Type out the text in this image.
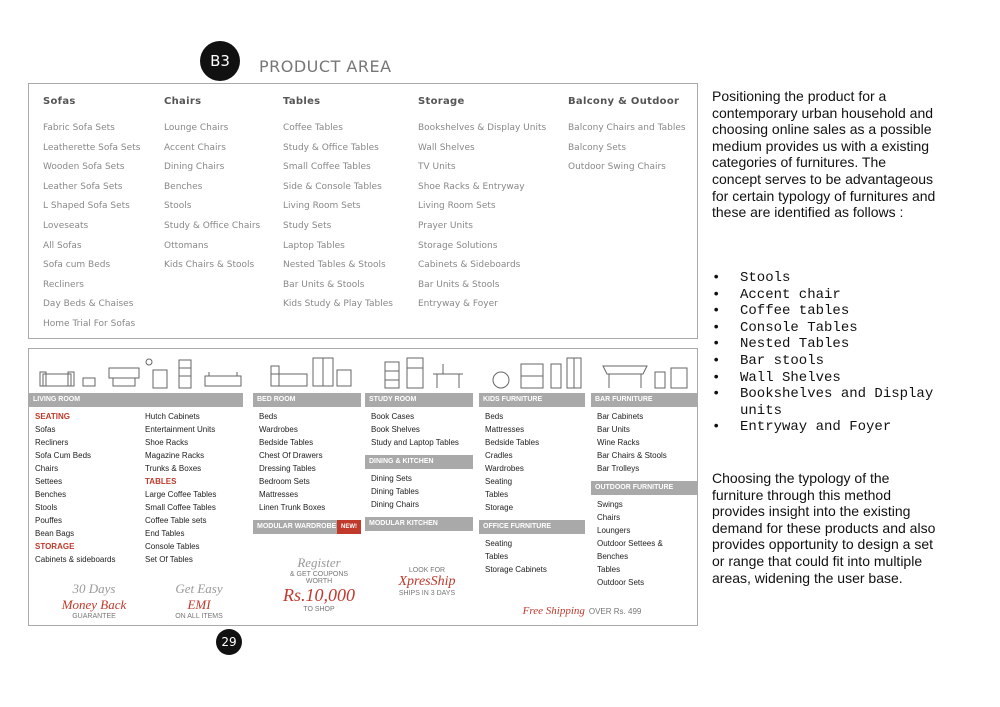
B3	PRODUCT AREA
Sofas
Fabric Sofa Sets
Leatherette Sofa Sets
Wooden Sofa Sets
Leather Sofa Sets
L Shaped Sofa Sets
Loveseats
All Sofas
Sofa cum Beds
Recliners
Day Beds & Chaises
Home Trial For Sofas
Chairs
Lounge Chairs
Accent Chairs
Dining Chairs
Benches
Stools
Study & Office Chairs
Ottomans
Kids Chairs & Stools
Tables
Coffee Tables
Study & Office Tables
Small Coffee Tables
Side & Console Tables
Living Room Sets
Study Sets
Laptop Tables
Nested Tables & Stools
Bar Units & Stools
Kids Study & Play Tables
Storage
Bookshelves & Display Units
Wall Shelves
TV Units
Shoe Racks & Entryway
Living Room Sets
Prayer Units
Storage Solutions
Cabinets & Sideboards
Bar Units & Stools
Entryway & Foyer
Balcony & Outdoor
Balcony Chairs and Tables
Balcony Sets
Outdoor Swing Chairs
LIVING ROOM
SEATING
Sofas
Recliners
Sofa Cum Beds
Chairs
Settees
Benches
Stools
Pouffes
Bean Bags
STORAGE
Cabinets & sideboards
Hutch Cabinets
Entertainment Units
Shoe Racks
Magazine Racks
Trunks & Boxes
TABLES
Large Coffee Tables
Small Coffee Tables
Coffee Table sets
End Tables
Console Tables
Set Of Tables
BED ROOM
Beds
Wardrobes
Bedside Tables
Chest Of Drawers
Dressing Tables
Bedroom Sets
Mattresses
Linen Trunk Boxes
MODULAR WARDROBE NEW!
STUDY ROOM
Book Cases
Book Shelves
Study and Laptop Tables
DINING & KITCHEN
Dining Sets
Dining Tables
Dining Chairs
MODULAR KITCHEN
KIDS FURNITURE
Beds
Mattresses
Bedside Tables
Cradles
Wardrobes
Seating
Tables
Storage
OFFICE FURNITURE
Seating
Tables
Storage Cabinets
BAR FURNITURE
Bar Cabinets
Bar Units
Wine Racks
Bar Chairs & Stools
Bar Trolleys
OUTDOOR FURNITURE
Swings
Chairs
Loungers
Outdoor Settees &
Benches
Tables
Outdoor Sets
30 Days
Money Back
GUARANTEE
Get Easy
EMI
ON ALL ITEMS
Register
& GET COUPONS
WORTH
Rs.10,000
TO SHOP
LOOK FOR
XpresShip
SHIPS IN 3 DAYS
Free Shipping OVER Rs. 499
29
Positioning the product for a contemporary urban household and choosing online sales as a possible medium provides us with a existing categories of furnitures. The concept serves to be advantageous for certain typology of furnitures and these are identified as follows :
• Stools
• Accent chair
• Coffee tables
• Console Tables
• Nested Tables
• Bar stools
• Wall Shelves
• Bookshelves and Display units
• Entryway and Foyer
Choosing the typology of the furniture through this method provides insight into the existing demand for these products and also provides opportunity to design a set or range that could fit into multiple areas, widening the user base.
